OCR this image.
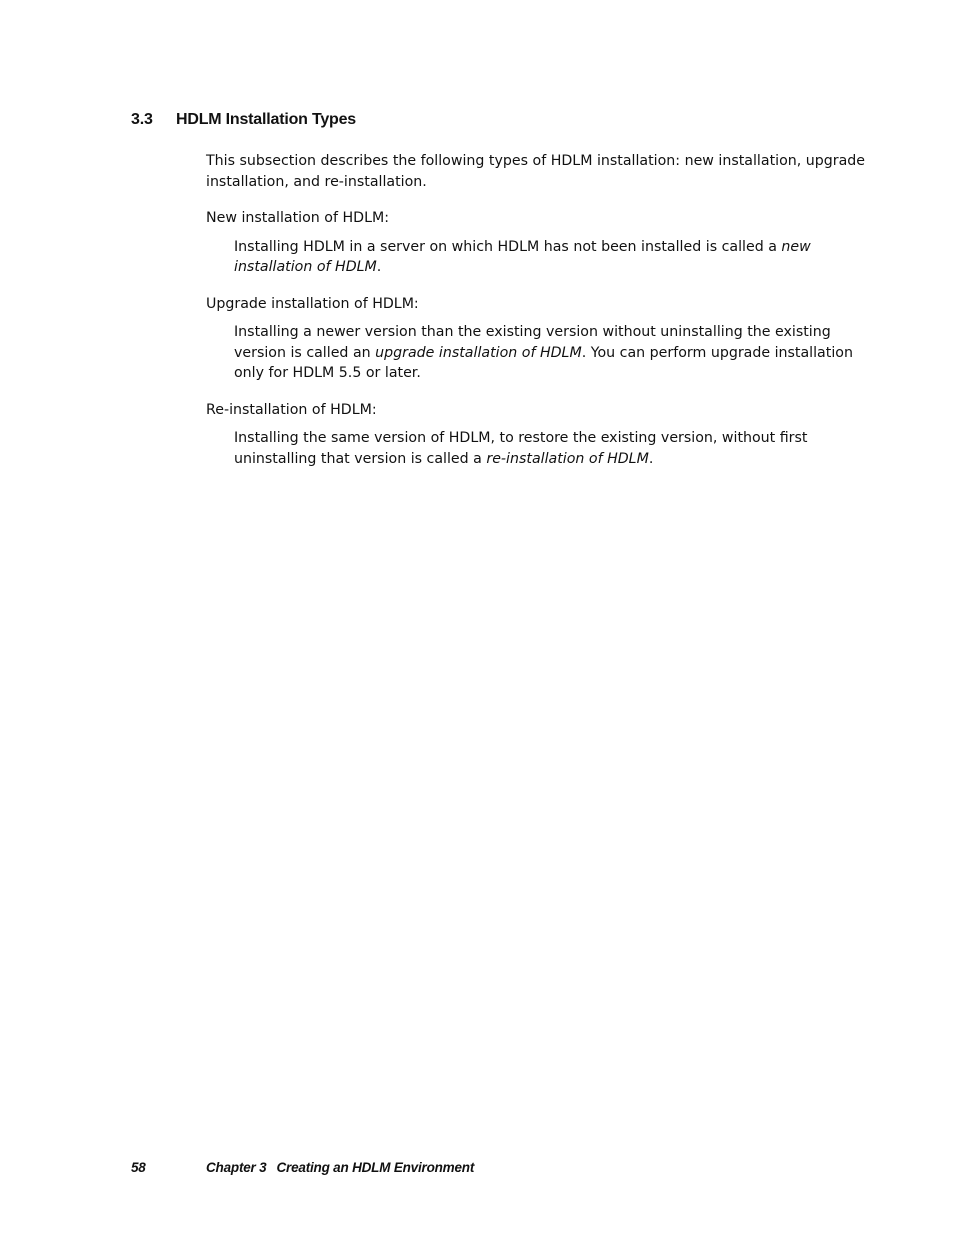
3.3 HDLM Installation Types

This subsection describes the following types of HDLM installation: new installation, upgrade installation, and re-installation.

New installation of HDLM:

Installing HDLM in a server on which HDLM has not been installed is called a new installation of HDLM.

Upgrade installation of HDLM:

Installing a newer version than the existing version without uninstalling the existing version is called an upgrade installation of HDLM. You can perform upgrade installation only for HDLM 5.5 or later.

Re-installation of HDLM:

Installing the same version of HDLM, to restore the existing version, without first uninstalling that version is called a re-installation of HDLM.

58	Chapter 3 Creating an HDLM Environment
